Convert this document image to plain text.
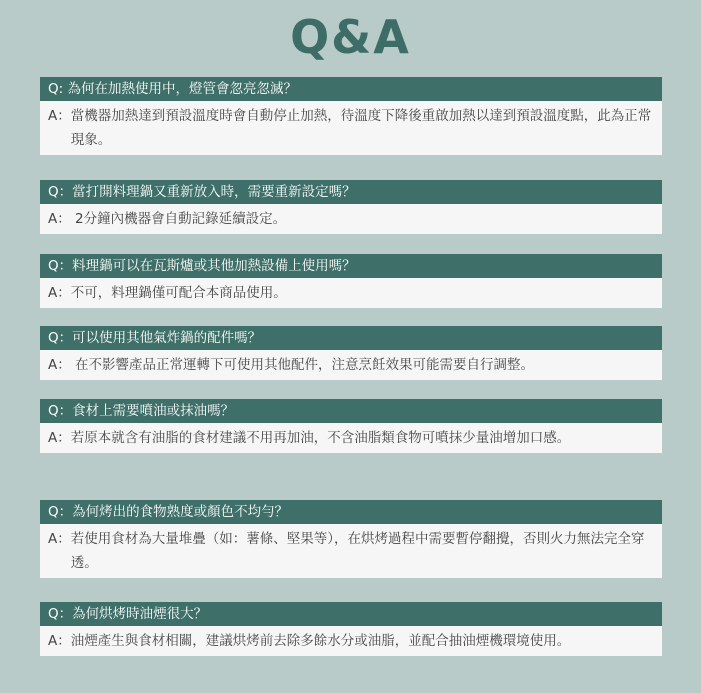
Q&A
Q: 為何在加熱使用中，燈管會忽亮忽滅？
A： 當機器加熱達到預設溫度時會自動停止加熱，待溫度下降後重啟加熱以達到預設溫度點，此為正常現象。
Q：當打開料理鍋又重新放入時，需要重新設定嗎？
A： 2分鐘內機器會自動記錄延續設定。
Q：料理鍋可以在瓦斯爐或其他加熱設備上使用嗎？
A： 不可，料理鍋僅可配合本商品使用。
Q：可以使用其他氣炸鍋的配件嗎？
A： 在不影響產品正常運轉下可使用其他配件，注意烹飪效果可能需要自行調整。
Q：食材上需要噴油或抹油嗎？
A： 若原本就含有油脂的食材建議不用再加油，不含油脂類食物可噴抹少量油增加口感。
Q：為何烤出的食物熟度或顏色不均勻？
A： 若使用食材為大量堆疊（如：薯條、堅果等），在烘烤過程中需要暫停翻攪，否則火力無法完全穿透。
Q：為何烘烤時油煙很大？
A： 油煙產生與食材相關，建議烘烤前去除多餘水分或油脂，並配合抽油煙機環境使用。
